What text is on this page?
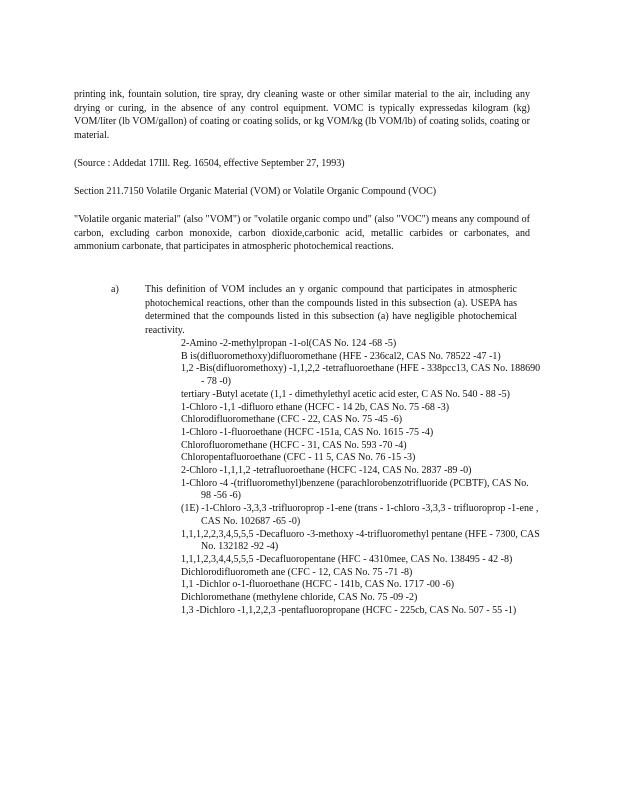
printing ink, fountain solution, tire spray, dry cleaning waste or other similar material to the air, including any drying or curing, in the absence of any control equipment. VOMC is typically expressedas kilogram (kg) VOM/liter (lb VOM/gallon) of coating or coating solids, or kg VOM/kg (lb VOM/lb) of coating solids, coating or material.

(Source : Addedat 17Ill. Reg. 16504, effective September 27, 1993)

Section 211.7150 Volatile Organic Material (VOM) or Volatile Organic Compound (VOC)

"Volatile organic material" (also "VOM") or "volatile organic compo und" (also "VOC") means any compound of carbon, excluding carbon monoxide, carbon dioxide,carbonic acid, metallic carbides or carbonates, and ammonium carbonate, that participates in atmospheric photochemical reactions.

a)	This definition of VOM includes an y organic compound that participates in atmospheric photochemical reactions, other than the compounds listed in this subsection (a). USEPA has determined that the compounds listed in this subsection (a) have negligible photochemical reactivity.

2-Amino -2-methylpropan -1-ol(CAS No. 124 -68 -5)
B is(difluoromethoxy)difluoromethane (HFE - 236cal2, CAS No. 78522 -47 -1)
1,2 -Bis(difluoromethoxy) -1,1,2,2 -tetrafluoroethane (HFE - 338pcc13, CAS No. 188690 - 78 -0)
tertiary -Butyl acetate (1,1 - dimethylethyl acetic acid ester, C AS No. 540 - 88 -5)
1-Chloro -1,1 -difluoro ethane (HCFC - 14 2b, CAS No. 75 -68 -3)
Chlorodifluoromethane (CFC - 22, CAS No. 75 -45 -6)
1-Chloro -1-fluoroethane (HCFC -151a, CAS No. 1615 -75 -4)
Chlorofluoromethane (HCFC - 31, CAS No. 593 -70 -4)
Chloropentafluoroethane (CFC - 11 5, CAS No. 76 -15 -3)
2-Chloro -1,1,1,2 -tetrafluoroethane (HCFC -124, CAS No. 2837 -89 -0)
1-Chloro -4 -(trifluoromethyl)benzene (parachlorobenzotrifluoride (PCBTF), CAS No. 98 -56 -6)
(1E) -1-Chloro -3,3,3 -trifluoroprop -1-ene (trans - 1-chloro -3,3,3 - trifluoroprop -1-ene , CAS No. 102687 -65 -0)
1,1,1,2,2,3,4,5,5,5 -Decafluoro -3-methoxy -4-trifluoromethyl pentane (HFE - 7300, CAS No. 132182 -92 -4)
1,1,1,2,3,4,4,5,5,5 -Decafluoropentane (HFC - 4310mee, CAS No. 138495 - 42 -8)
Dichlorodifluorometh ane (CFC - 12, CAS No. 75 -71 -8)
1,1 -Dichlor o-1-fluoroethane (HCFC - 141b, CAS No. 1717 -00 -6)
Dichloromethane (methylene chloride, CAS No. 75 -09 -2)
1,3 -Dichloro -1,1,2,2,3 -pentafluoropropane (HCFC - 225cb, CAS No. 507 - 55 -1)
